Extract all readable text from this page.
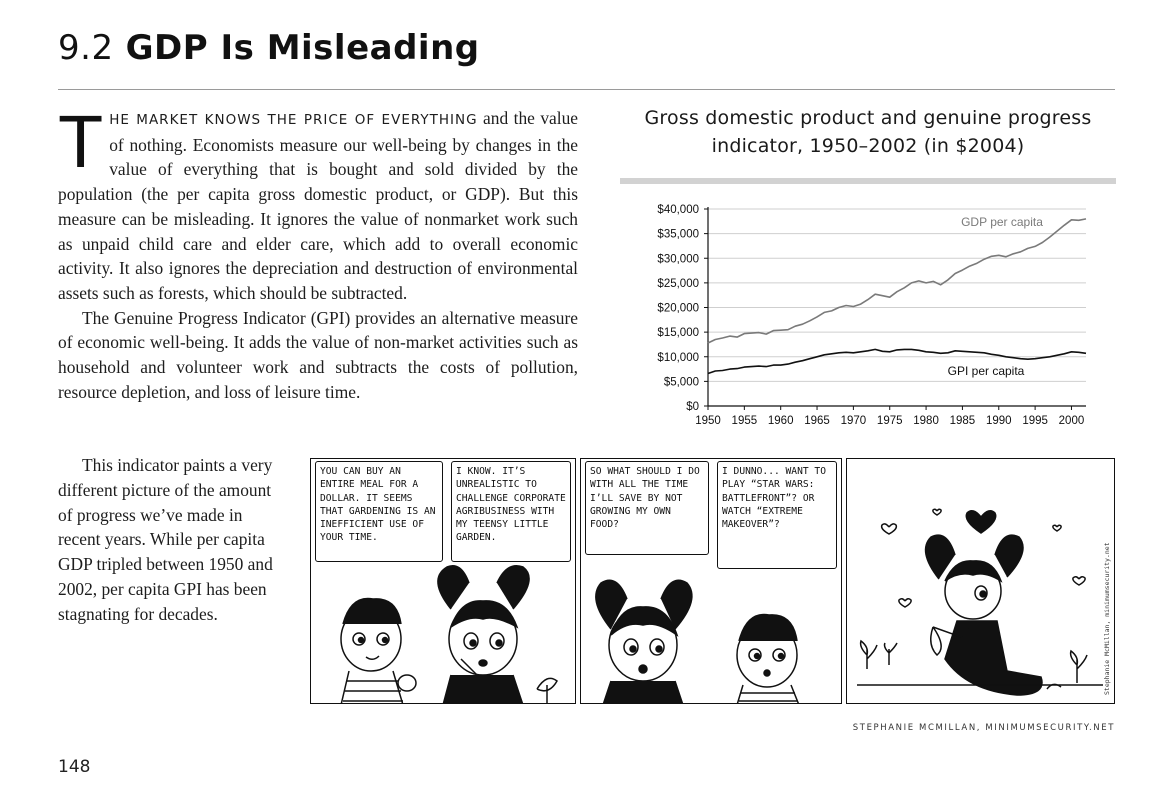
9.2 GDP Is Misleading

THE MARKET KNOWS THE PRICE OF EVERYTHING and the value of nothing. Economists measure our well-being by changes in the value of everything that is bought and sold divided by the population (the per capita gross domestic product, or GDP). But this measure can be misleading. It ignores the value of nonmarket work such as unpaid child care and elder care, which add to overall economic activity. It also ignores the depreciation and destruction of environmental assets such as forests, which should be subtracted.

The Genuine Progress Indicator (GPI) provides an alternative measure of economic well-being. It adds the value of non-market activities such as household and volunteer work and subtracts the costs of pollution, resource depletion, and loss of leisure time.

This indicator paints a very different picture of the amount of progress we’ve made in recent years. While per capita GDP tripled between 1950 and 2002, per capita GPI has been stagnating for decades.

Gross domestic product and genuine progress indicator, 1950–2002 (in $2004)
$0
$5,000
$10,000
$15,000
$20,000
$25,000
$30,000
$35,000
$40,000
1950 1955 1960 1965 1970 1975 1980 1985 1990 1995 2000
GDP per capita
GPI per capita
YOU CAN BUY AN ENTIRE MEAL FOR A DOLLAR. IT SEEMS THAT GARDENING IS AN INEFFICIENT USE OF YOUR TIME.
I KNOW. IT’S UNREALISTIC TO CHALLENGE CORPORATE AGRIBUSINESS WITH MY TEENSY LITTLE GARDEN.
SO WHAT SHOULD I DO WITH ALL THE TIME I’LL SAVE BY NOT GROWING MY OWN FOOD?
I DUNNO... WANT TO PLAY “STAR WARS: BATTLEFRONT”? OR WATCH “EXTREME MAKEOVER”?
Stephanie McMillan, minimumsecurity.net
STEPHANIE MCMILLAN, MINIMUMSECURITY.NET
148
